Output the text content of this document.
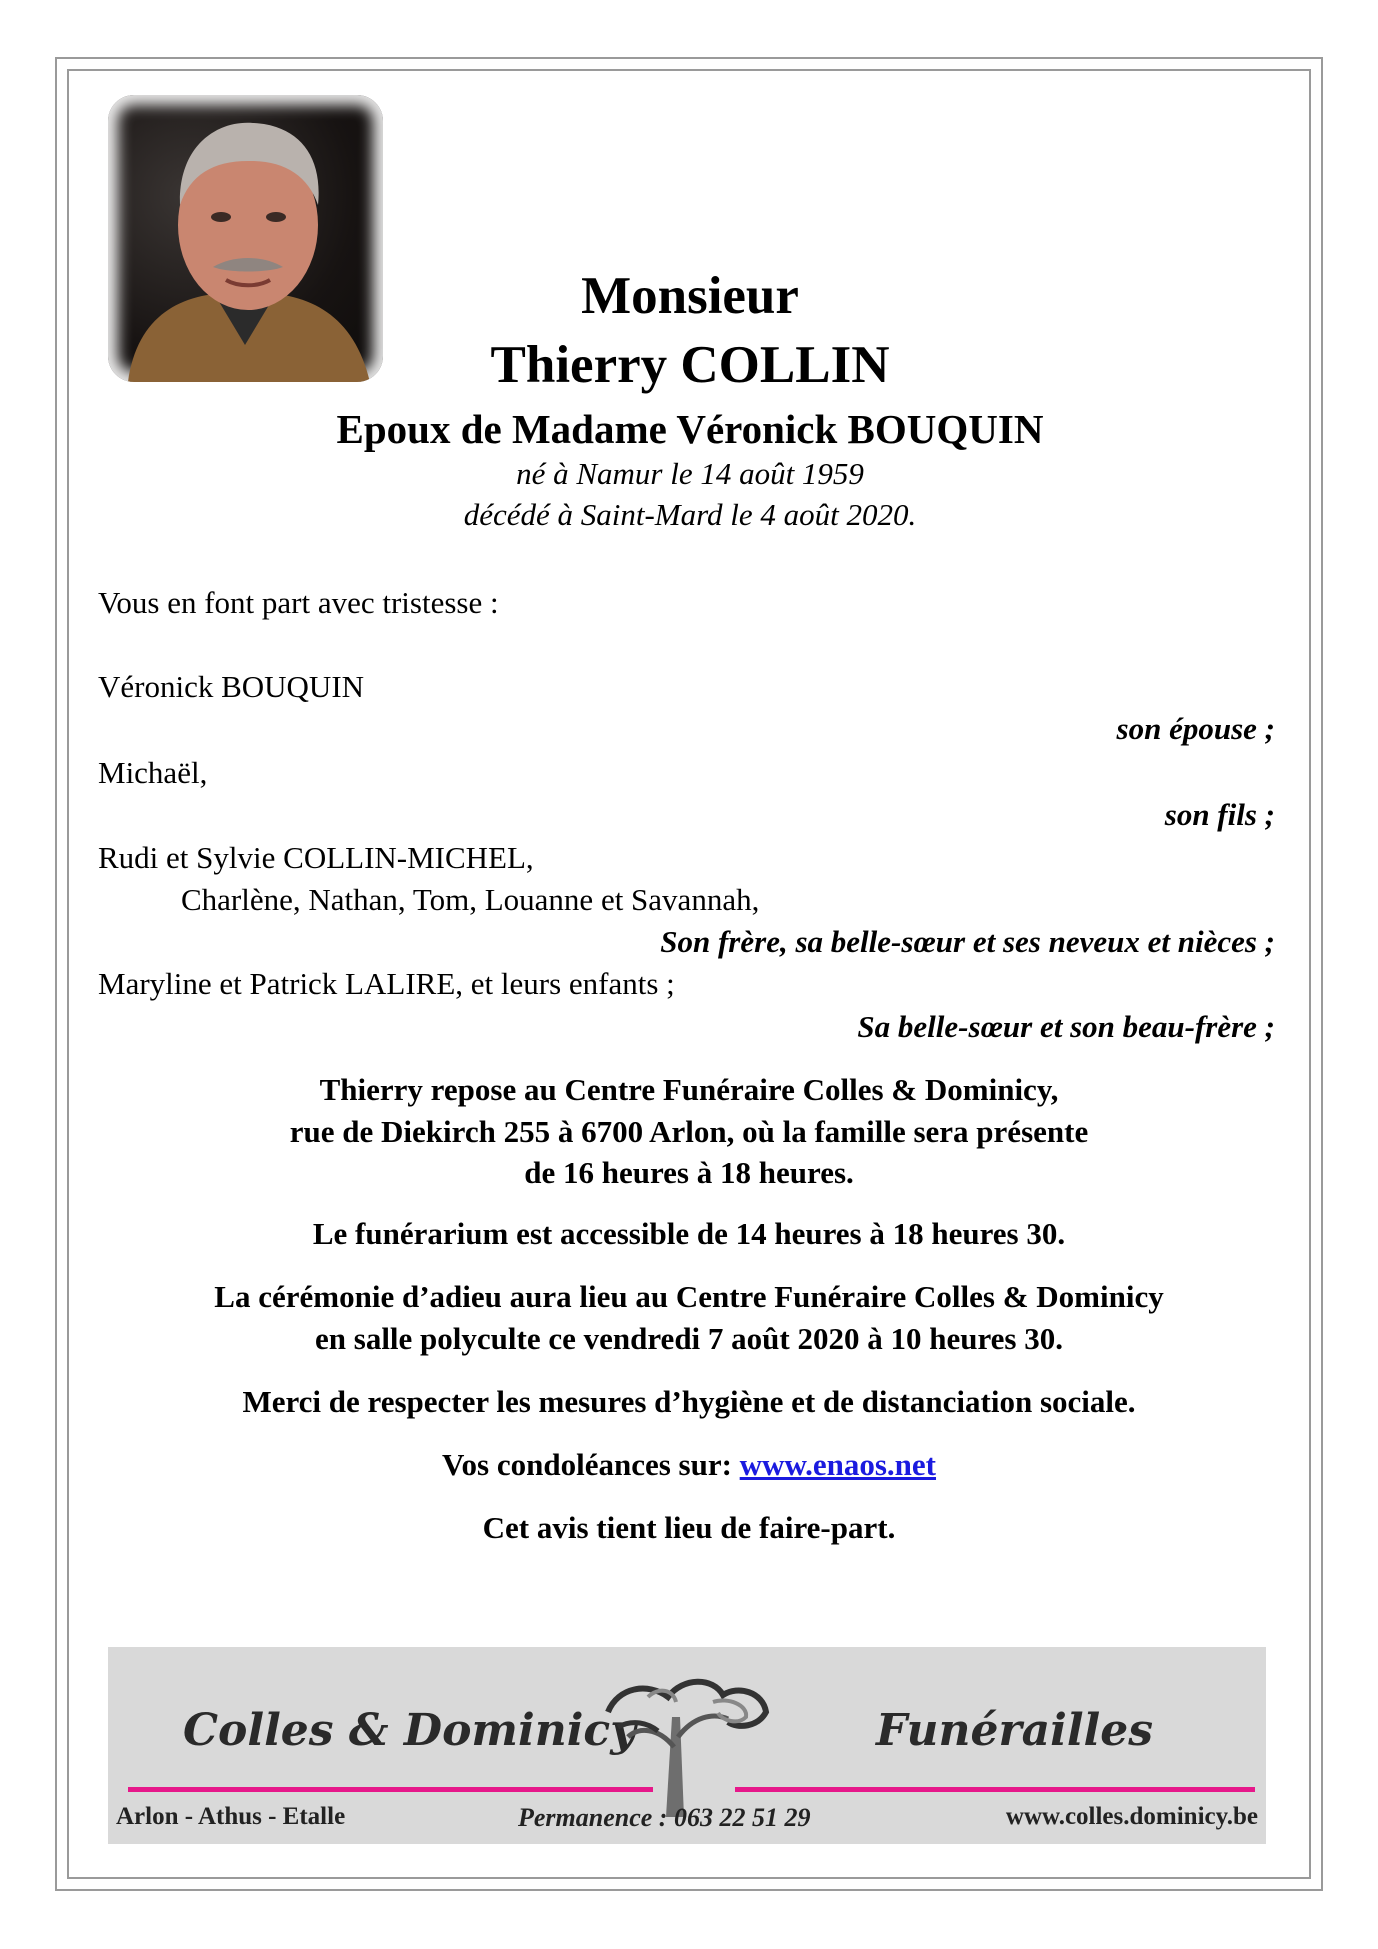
Monsieur
Thierry COLLIN
Epoux de Madame Véronick BOUQUIN
né à Namur le 14 août 1959
décédé à Saint-Mard le 4 août 2020.
Vous en font part avec tristesse :
Véronick BOUQUIN
son épouse ;
Michaël,
son fils ;
Rudi et Sylvie COLLIN-MICHEL,
Charlène, Nathan, Tom, Louanne et Savannah,
Son frère, sa belle-sœur et ses neveux et nièces ;
Maryline et Patrick LALIRE, et leurs enfants ;
Sa belle-sœur et son beau-frère ;
Thierry repose au Centre Funéraire Colles & Dominicy,
rue de Diekirch 255 à 6700 Arlon, où la famille sera présente
de 16 heures à 18 heures.
Le funérarium est accessible de 14 heures à 18 heures 30.
La cérémonie d’adieu aura lieu au Centre Funéraire Colles & Dominicy
en salle polyculte ce vendredi 7 août 2020 à 10 heures 30.
Merci de respecter les mesures d’hygiène et de distanciation sociale.
Vos condoléances sur: www.enaos.net
Cet avis tient lieu de faire-part.
Colles & Dominicy	Funérailles
Arlon - Athus - Etalle	Permanence : 063 22 51 29	www.colles.dominicy.be
